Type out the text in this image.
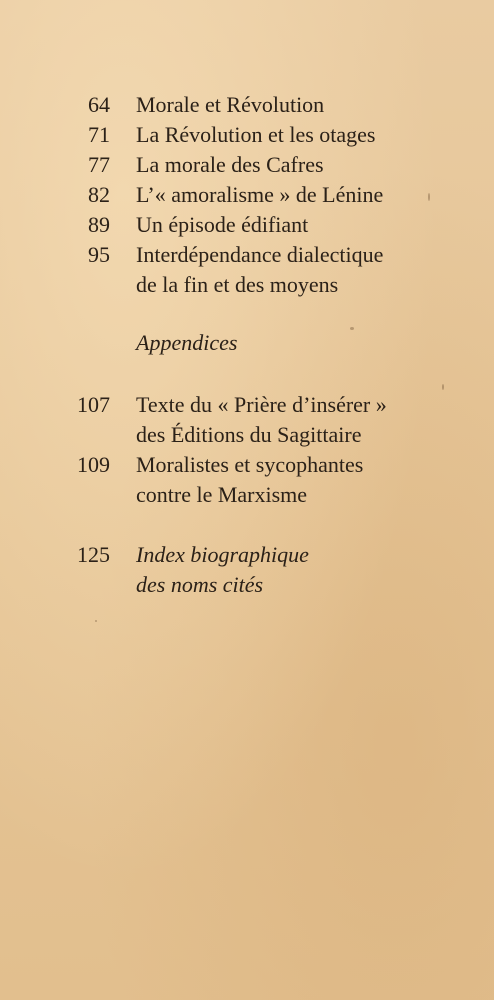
64 Morale et Révolution
71 La Révolution et les otages
77 La morale des Cafres
82 L’« amoralisme » de Lénine
89 Un épisode édifiant
95 Interdépendance dialectique
de la fin et des moyens
Appendices
107 Texte du « Prière d’insérer »
des Éditions du Sagittaire
109 Moralistes et sycophantes
contre le Marxisme
125 Index biographique
des noms cités
